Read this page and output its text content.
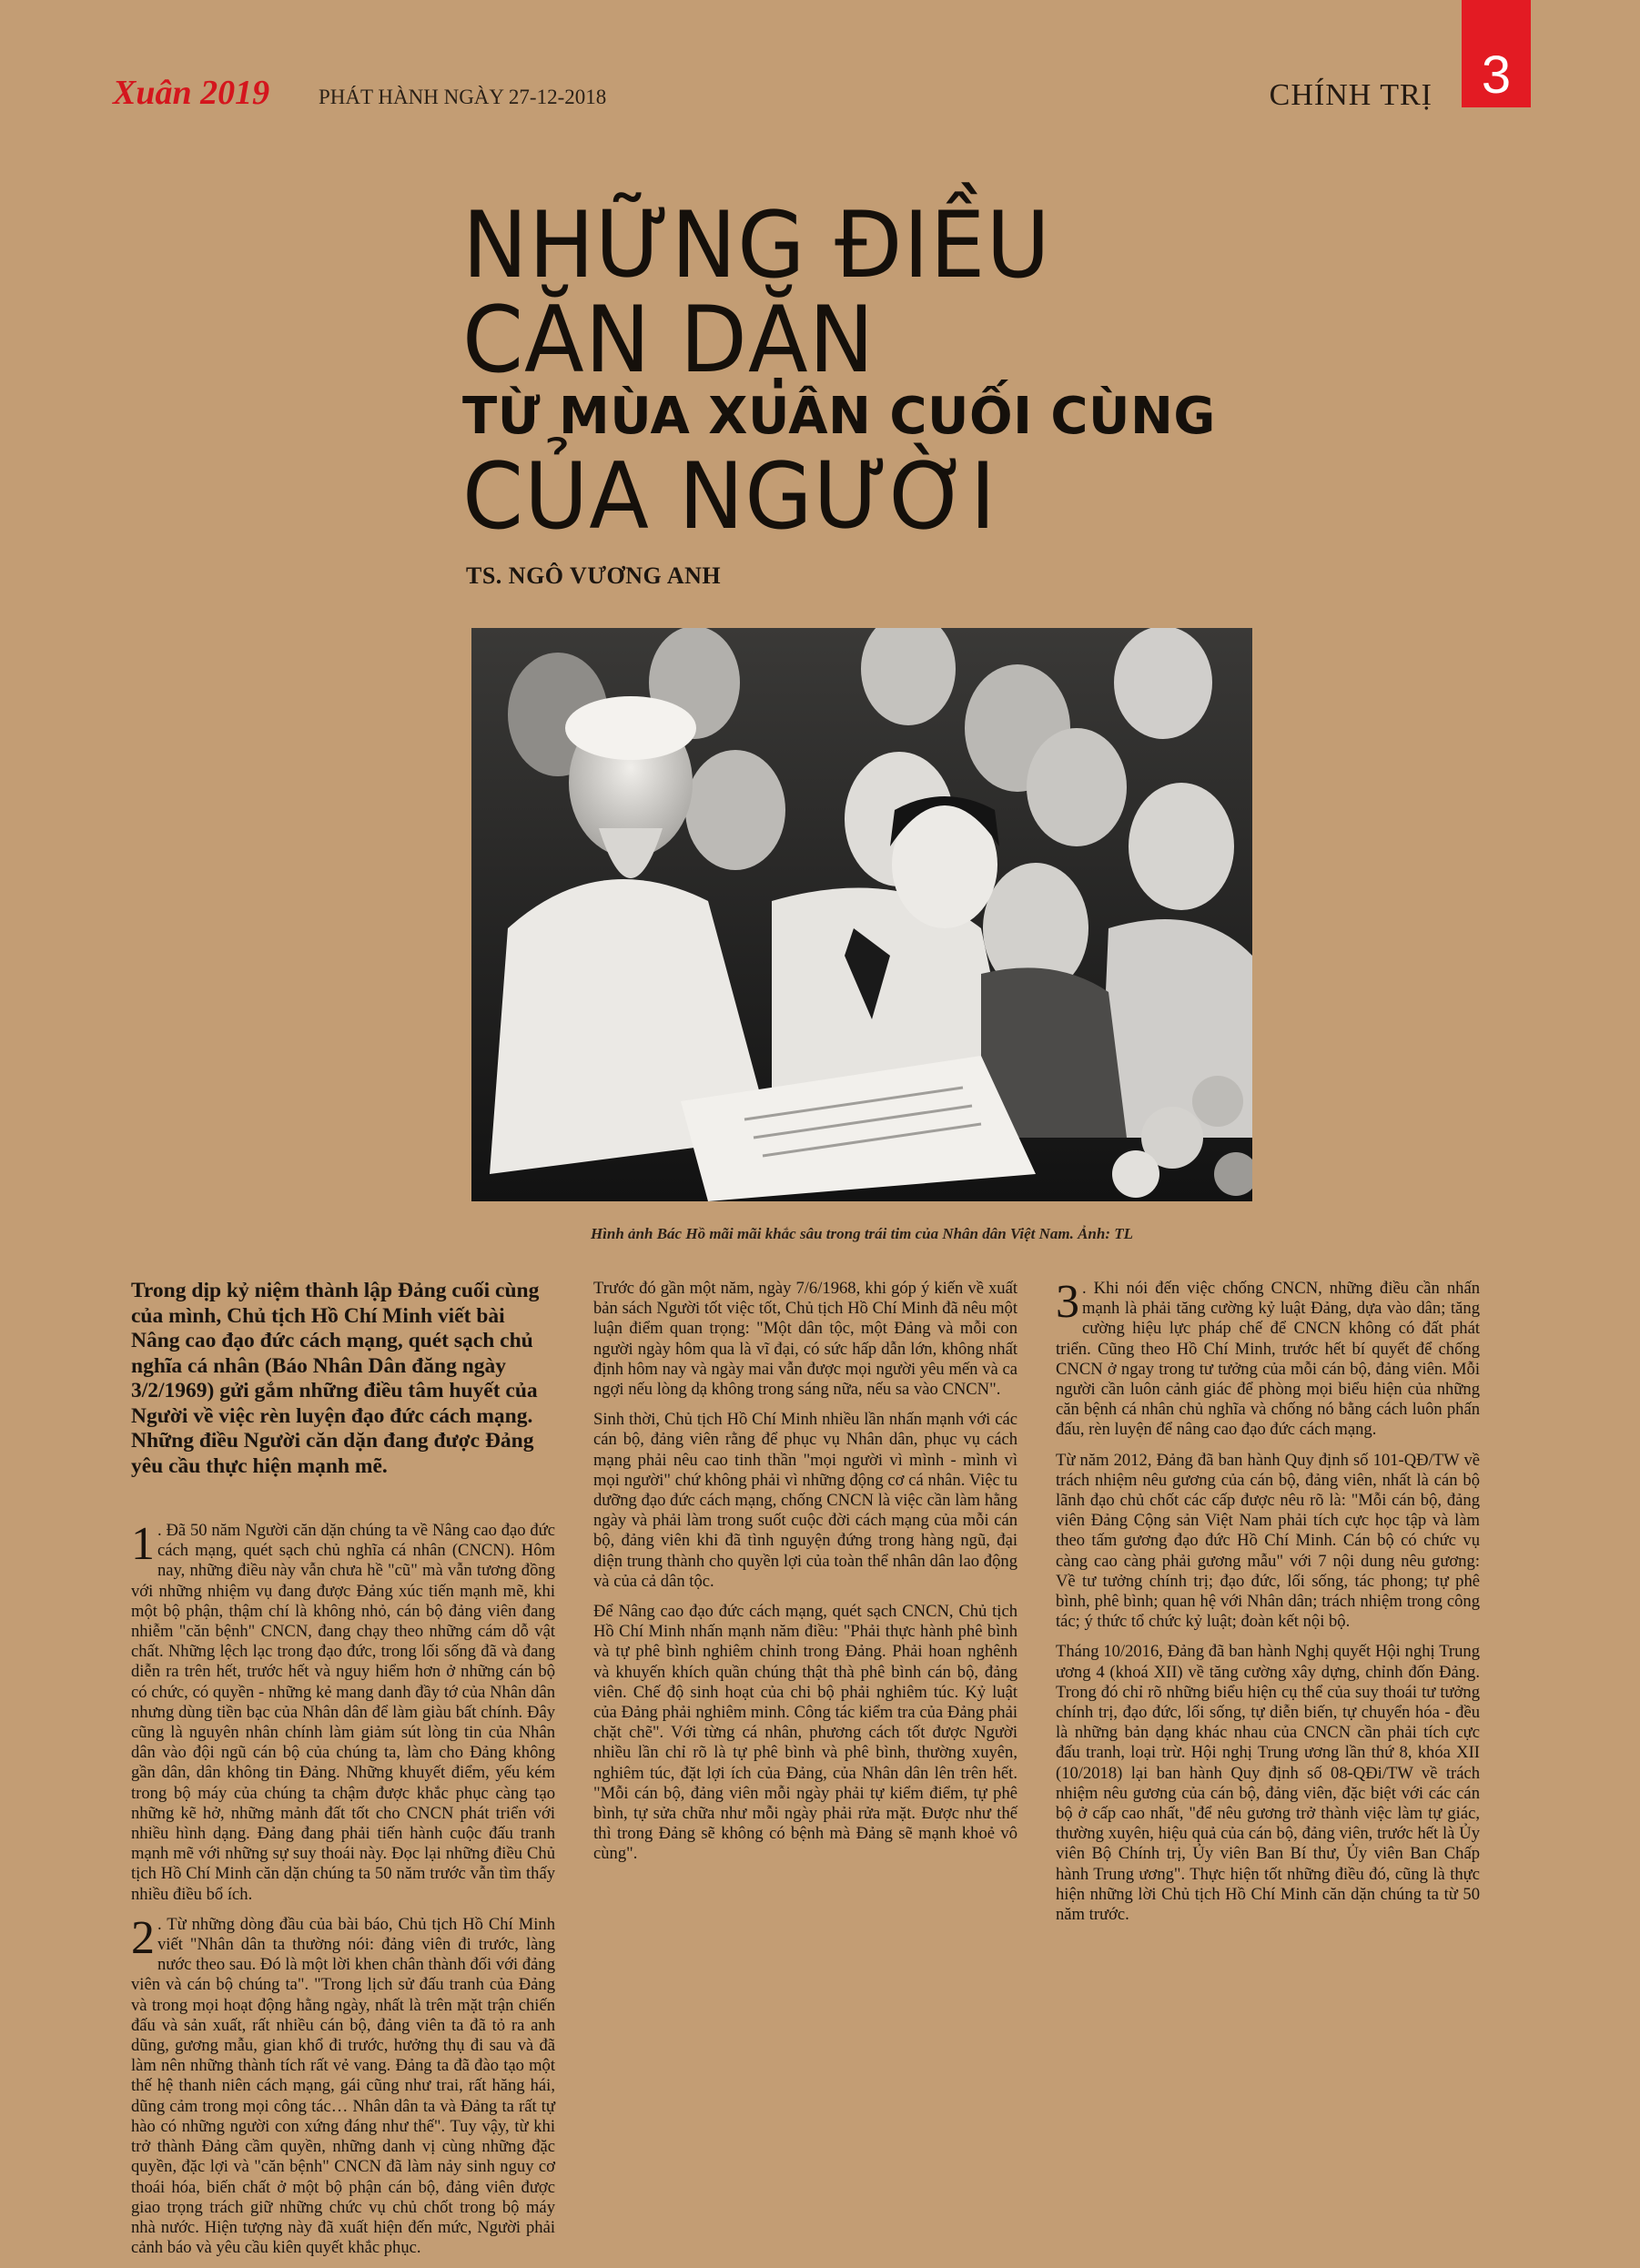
Xuân 2019 PHÁT HÀNH NGÀY 27-12-2018	CHÍNH TRỊ 3
NHỮNG ĐIỀU
CĂN DẶN
TỪ MÙA XUÂN CUỐI CÙNG
CỦA NGƯỜI
TS. NGÔ VƯƠNG ANH
Hình ảnh Bác Hồ mãi mãi khắc sâu trong trái tim của Nhân dân Việt Nam. Ảnh: TL

Trong dịp kỷ niệm thành lập Đảng cuối cùng của mình, Chủ tịch Hồ Chí Minh viết bài Nâng cao đạo đức cách mạng, quét sạch chủ nghĩa cá nhân (Báo Nhân Dân đăng ngày 3/2/1969) gửi gắm những điều tâm huyết của Người về việc rèn luyện đạo đức cách mạng. Những điều Người căn dặn đang được Đảng yêu cầu thực hiện mạnh mẽ.

1 . Đã 50 năm Người căn dặn chúng ta về Nâng cao đạo đức cách mạng, quét sạch chủ nghĩa cá nhân (CNCN). Hôm nay, những điều này vẫn chưa hề "cũ" mà vẫn tương đồng với những nhiệm vụ đang được Đảng xúc tiến mạnh mẽ, khi một bộ phận, thậm chí là không nhỏ, cán bộ đảng viên đang nhiễm "căn bệnh" CNCN, đang chạy theo những cám dỗ vật chất. Những lệch lạc trong đạo đức, trong lối sống đã và đang diễn ra trên hết, trước hết và nguy hiểm hơn ở những cán bộ có chức, có quyền - những kẻ mang danh đầy tớ của Nhân dân nhưng dùng tiền bạc của Nhân dân để làm giàu bất chính. Đây cũng là nguyên nhân chính làm giảm sút lòng tin của Nhân dân vào đội ngũ cán bộ của chúng ta, làm cho Đảng không gần dân, dân không tin Đảng. Những khuyết điểm, yếu kém trong bộ máy của chúng ta chậm được khắc phục càng tạo những kẽ hở, những mảnh đất tốt cho CNCN phát triển với nhiều hình dạng. Đảng đang phải tiến hành cuộc đấu tranh mạnh mẽ với những sự suy thoái này. Đọc lại những điều Chủ tịch Hồ Chí Minh căn dặn chúng ta 50 năm trước vẫn tìm thấy nhiều điều bổ ích.

2 . Từ những dòng đầu của bài báo, Chủ tịch Hồ Chí Minh viết "Nhân dân ta thường nói: đảng viên đi trước, làng nước theo sau. Đó là một lời khen chân thành đối với đảng viên và cán bộ chúng ta". "Trong lịch sử đấu tranh của Đảng và trong mọi hoạt động hằng ngày, nhất là trên mặt trận chiến đấu và sản xuất, rất nhiều cán bộ, đảng viên ta đã tỏ ra anh dũng, gương mẫu, gian khổ đi trước, hưởng thụ đi sau và đã làm nên những thành tích rất vẻ vang. Đảng ta đã đào tạo một thế hệ thanh niên cách mạng, gái cũng như trai, rất hăng hái, dũng cảm trong mọi công tác… Nhân dân ta và Đảng ta rất tự hào có những người con xứng đáng như thế". Tuy vậy, từ khi trở thành Đảng cầm quyền, những danh vị cùng những đặc quyền, đặc lợi và "căn bệnh" CNCN đã làm nảy sinh nguy cơ thoái hóa, biến chất ở một bộ phận cán bộ, đảng viên được giao trọng trách giữ những chức vụ chủ chốt trong bộ máy nhà nước. Hiện tượng này đã xuất hiện đến mức, Người phải cảnh báo và yêu cầu kiên quyết khắc phục.

Trước đó gần một năm, ngày 7/6/1968, khi góp ý kiến về xuất bản sách Người tốt việc tốt, Chủ tịch Hồ Chí Minh đã nêu một luận điểm quan trọng: "Một dân tộc, một Đảng và mỗi con người ngày hôm qua là vĩ đại, có sức hấp dẫn lớn, không nhất định hôm nay và ngày mai vẫn được mọi người yêu mến và ca ngợi nếu lòng dạ không trong sáng nữa, nếu sa vào CNCN".

Sinh thời, Chủ tịch Hồ Chí Minh nhiều lần nhấn mạnh với các cán bộ, đảng viên rằng để phục vụ Nhân dân, phục vụ cách mạng phải nêu cao tinh thần "mọi người vì mình - mình vì mọi người" chứ không phải vì những động cơ cá nhân. Việc tu dưỡng đạo đức cách mạng, chống CNCN là việc cần làm hằng ngày và phải làm trong suốt cuộc đời cách mạng của mỗi cán bộ, đảng viên khi đã tình nguyện đứng trong hàng ngũ, đại diện trung thành cho quyền lợi của toàn thể nhân dân lao động và của cả dân tộc.

Để Nâng cao đạo đức cách mạng, quét sạch CNCN, Chủ tịch Hồ Chí Minh nhấn mạnh năm điều: "Phải thực hành phê bình và tự phê bình nghiêm chỉnh trong Đảng. Phải hoan nghênh và khuyến khích quần chúng thật thà phê bình cán bộ, đảng viên. Chế độ sinh hoạt của chi bộ phải nghiêm túc. Kỷ luật của Đảng phải nghiêm minh. Công tác kiểm tra của Đảng phải chặt chẽ". Với từng cá nhân, phương cách tốt được Người nhiều lần chỉ rõ là tự phê bình và phê bình, thường xuyên, nghiêm túc, đặt lợi ích của Đảng, của Nhân dân lên trên hết. "Mỗi cán bộ, đảng viên mỗi ngày phải tự kiểm điểm, tự phê bình, tự sửa chữa như mỗi ngày phải rửa mặt. Được như thế thì trong Đảng sẽ không có bệnh mà Đảng sẽ mạnh khoẻ vô cùng".

3 . Khi nói đến việc chống CNCN, những điều cần nhấn mạnh là phải tăng cường kỷ luật Đảng, dựa vào dân; tăng cường hiệu lực pháp chế để CNCN không có đất phát triển. Cũng theo Hồ Chí Minh, trước hết bí quyết để chống CNCN ở ngay trong tư tưởng của mỗi cán bộ, đảng viên. Mỗi người cần luôn cảnh giác để phòng mọi biểu hiện của những căn bệnh cá nhân chủ nghĩa và chống nó bằng cách luôn phấn đấu, rèn luyện để nâng cao đạo đức cách mạng.

Từ năm 2012, Đảng đã ban hành Quy định số 101-QĐ/TW về trách nhiệm nêu gương của cán bộ, đảng viên, nhất là cán bộ lãnh đạo chủ chốt các cấp được nêu rõ là: "Mỗi cán bộ, đảng viên Đảng Cộng sản Việt Nam phải tích cực học tập và làm theo tấm gương đạo đức Hồ Chí Minh. Cán bộ có chức vụ càng cao càng phải gương mẫu" với 7 nội dung nêu gương: Về tư tưởng chính trị; đạo đức, lối sống, tác phong; tự phê bình, phê bình; quan hệ với Nhân dân; trách nhiệm trong công tác; ý thức tổ chức kỷ luật; đoàn kết nội bộ.

Tháng 10/2016, Đảng đã ban hành Nghị quyết Hội nghị Trung ương 4 (khoá XII) về tăng cường xây dựng, chỉnh đốn Đảng. Trong đó chỉ rõ những biểu hiện cụ thể của suy thoái tư tưởng chính trị, đạo đức, lối sống, tự diễn biến, tự chuyển hóa - đều là những bản dạng khác nhau của CNCN cần phải tích cực đấu tranh, loại trừ. Hội nghị Trung ương lần thứ 8, khóa XII (10/2018) lại ban hành Quy định số 08-QĐi/TW về trách nhiệm nêu gương của cán bộ, đảng viên, đặc biệt với các cán bộ ở cấp cao nhất, "để nêu gương trở thành việc làm tự giác, thường xuyên, hiệu quả của cán bộ, đảng viên, trước hết là Ủy viên Bộ Chính trị, Ủy viên Ban Bí thư, Ủy viên Ban Chấp hành Trung ương". Thực hiện tốt những điều đó, cũng là thực hiện những lời Chủ tịch Hồ Chí Minh căn dặn chúng ta từ 50 năm trước.
